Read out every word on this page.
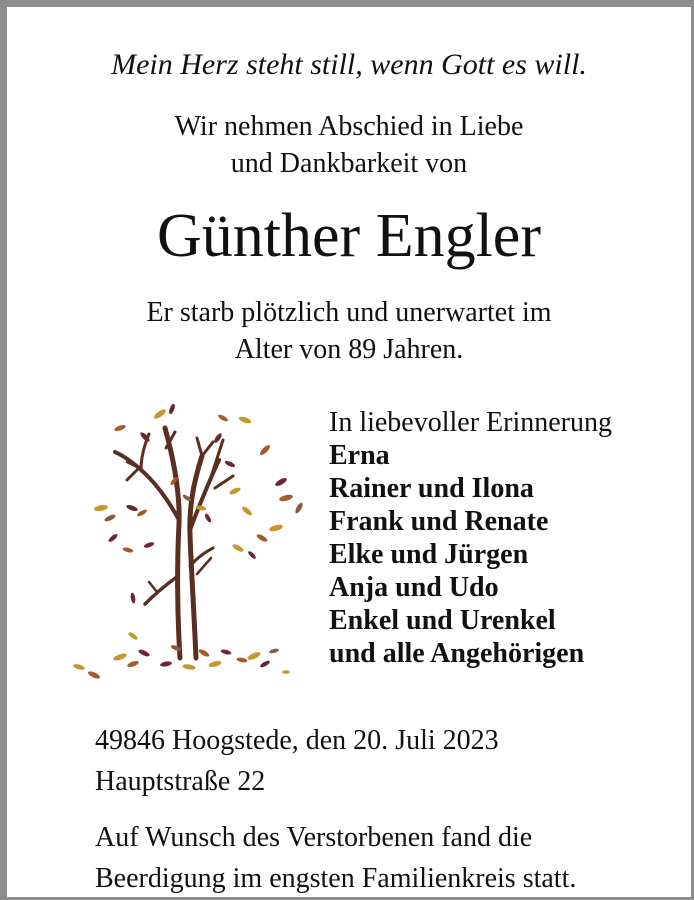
Mein Herz steht still, wenn Gott es will.
Wir nehmen Abschied in Liebe
und Dankbarkeit von
Günther Engler
Er starb plötzlich und unerwartet im
Alter von 89 Jahren.
In liebevoller Erinnerung
Erna
Rainer und Ilona
Frank und Renate
Elke und Jürgen
Anja und Udo
Enkel und Urenkel
und alle Angehörigen
49846 Hoogstede, den 20. Juli 2023
Hauptstraße 22
Auf Wunsch des Verstorbenen fand die
Beerdigung im engsten Familienkreis statt.
